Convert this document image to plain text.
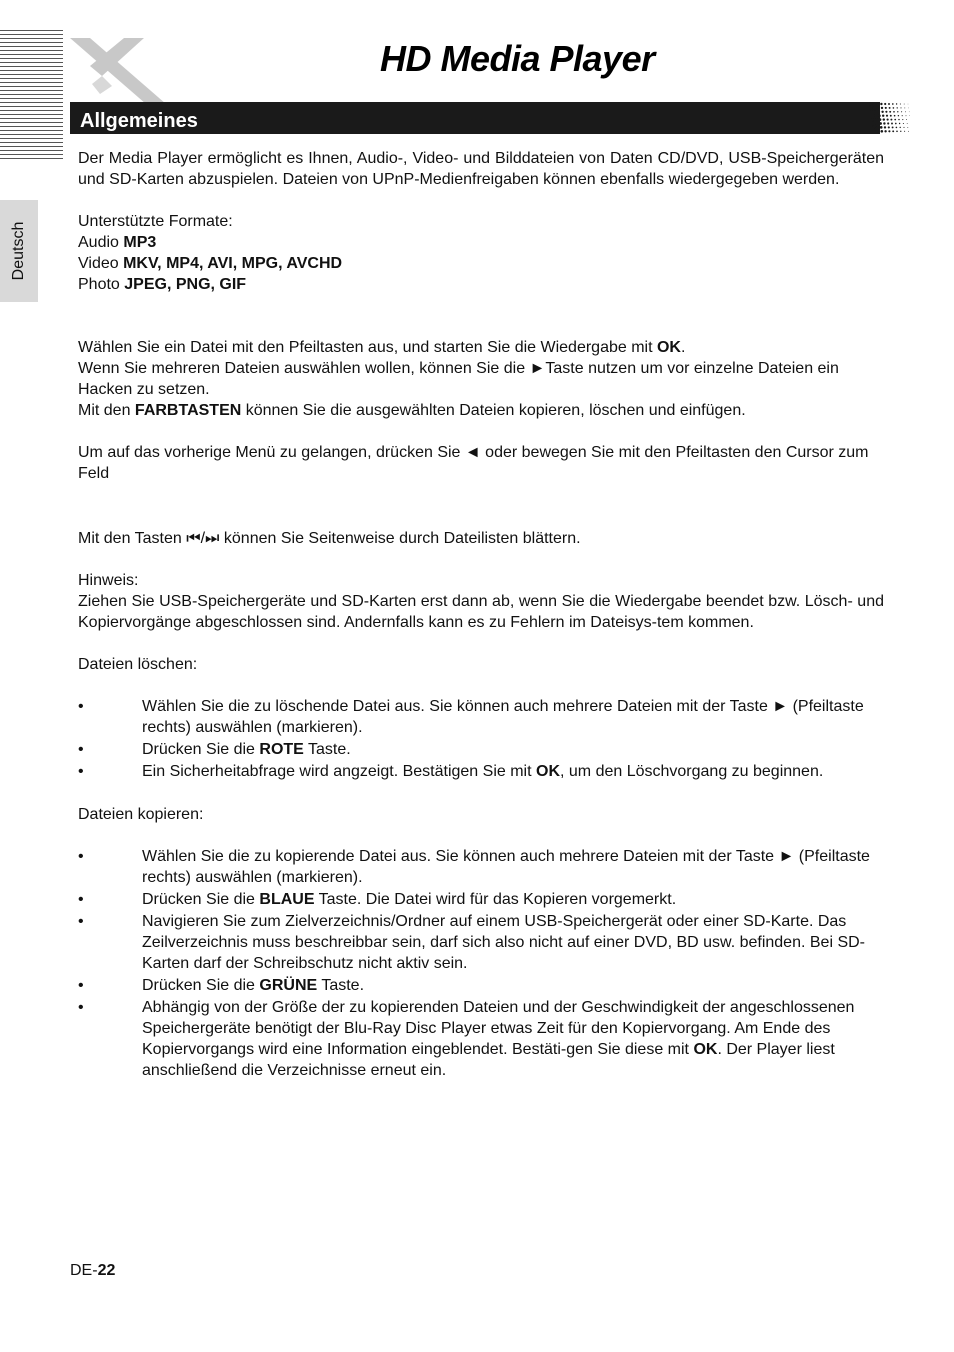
HD Media Player
Allgemeines
Deutsch

Der Media Player ermöglicht es Ihnen, Audio-, Video- und Bilddateien von Daten CD/DVD, USB-Speichergeräten und SD-Karten abzuspielen. Dateien von UPnP-Medienfreigaben können ebenfalls wiedergegeben werden.

Unterstützte Formate:

Audio MP3

Video MKV, MP4, AVI, MPG, AVCHD

Photo JPEG, PNG, GIF

Wählen Sie ein Datei mit den Pfeiltasten aus, und starten Sie die Wiedergabe mit OK.

Wenn Sie mehreren Dateien auswählen wollen, können Sie die ►Taste nutzen um vor einzelne Dateien ein Hacken zu setzen.

Mit den FARBTASTEN können Sie die ausgewählten Dateien kopieren, löschen und einfügen.

Um auf das vorherige Menü zu gelangen, drücken Sie ◄ oder bewegen Sie mit den Pfeiltasten den Cursor zum Feld

Mit den Tasten ⏮/⏭ können Sie Seitenweise durch Dateilisten blättern.

Hinweis:

Ziehen Sie USB-Speichergeräte und SD-Karten erst dann ab, wenn Sie die Wiedergabe beendet bzw. Lösch- und Kopiervorgänge abgeschlossen sind. Andernfalls kann es zu Fehlern im Dateisys-tem kommen.

Dateien löschen:

•	Wählen Sie die zu löschende Datei aus. Sie können auch mehrere Dateien mit der Taste ► (Pfeiltaste rechts) auswählen (markieren).
•	Drücken Sie die ROTE Taste.
•	Ein Sicherheitabfrage wird angzeigt. Bestätigen Sie mit OK, um den Löschvorgang zu beginnen.

Dateien kopieren:

•	Wählen Sie die zu kopierende Datei aus. Sie können auch mehrere Dateien mit der Taste ► (Pfeiltaste rechts) auswählen (markieren).
•	Drücken Sie die BLAUE Taste. Die Datei wird für das Kopieren vorgemerkt.
•	Navigieren Sie zum Zielverzeichnis/Ordner auf einem USB-Speichergerät oder einer SD-Karte. Das Zeilverzeichnis muss beschreibbar sein, darf sich also nicht auf einer DVD, BD usw. befinden. Bei SD-Karten darf der Schreibschutz nicht aktiv sein.
•	Drücken Sie die GRÜNE Taste.
•	Abhängig von der Größe der zu kopierenden Dateien und der Geschwindigkeit der angeschlossenen Speichergeräte benötigt der Blu-Ray Disc Player etwas Zeit für den Kopiervorgang. Am Ende des Kopiervorgangs wird eine Information eingeblendet. Bestäti-gen Sie diese mit OK. Der Player liest anschließend die Verzeichnisse erneut ein.
DE-22
